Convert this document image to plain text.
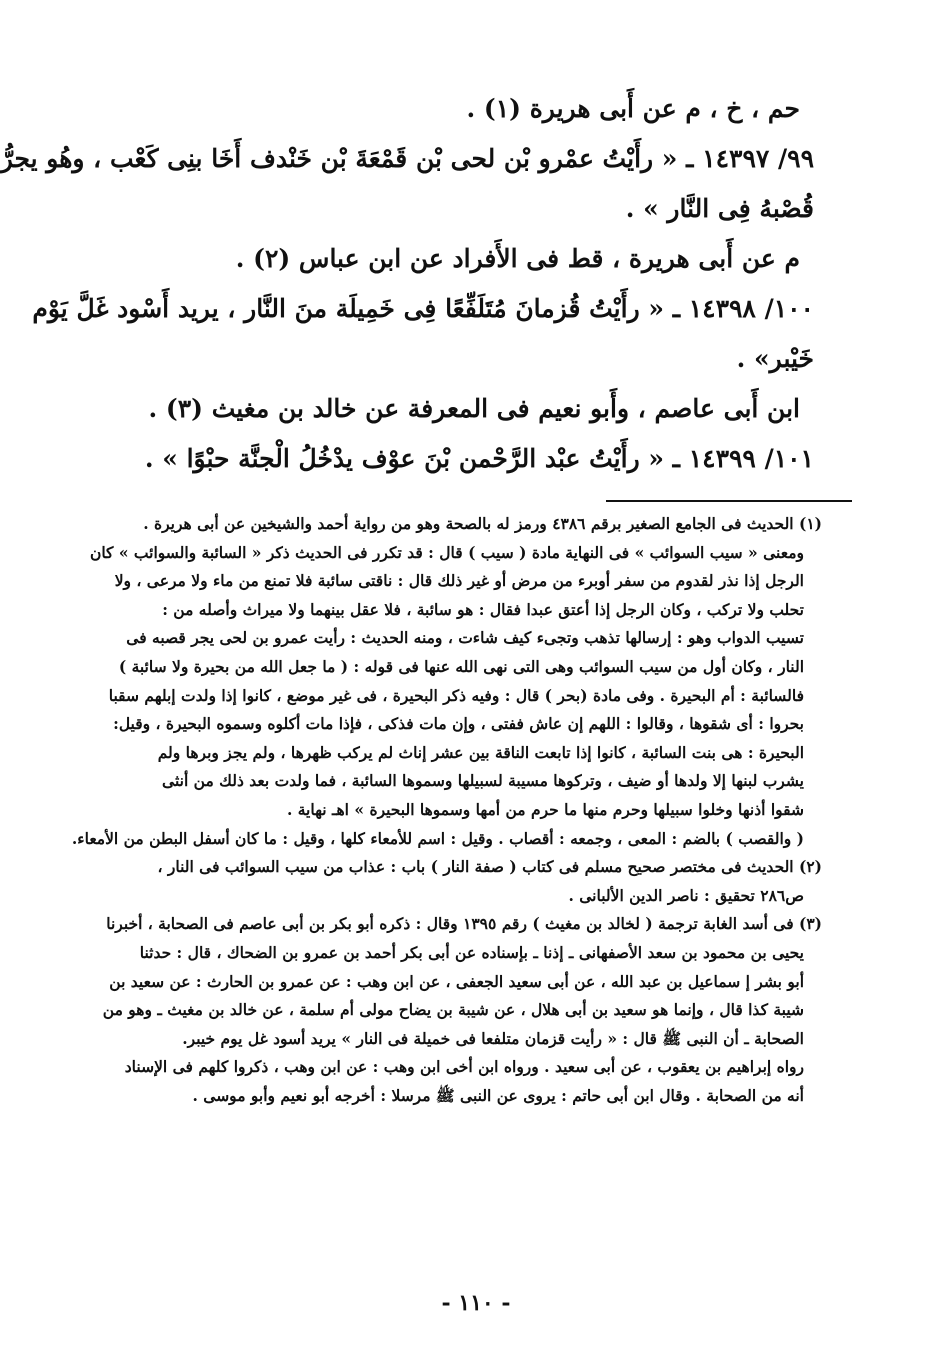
حم ، خ ، م عن أَبى هريرة (١) .

٩٩/ ١٤٣٩٧ ـ « رأَيْتُ عمْرو بْن لحى بْن قَمْعَةَ بْن خَنْدف أَخَا بنِى كَعْب ، وهُو يجرُّ

قُصْبهُ فِى النَّار » .

م عن أَبى هريرة ، قط فى الأَفراد عن ابن عباس (٢) .

١٠٠/ ١٤٣٩٨ ـ « رأَيْتُ قُزمانَ مُتَلَفِّعًا فِى خَمِيلَة منَ النَّار ، يريد أَسْود غَلَّ يَوْم

خَيْبر» .

ابن أَبى عاصم ، وأَبو نعيم فى المعرفة عن خالد بن مغيث (٣) .

١٠١/ ١٤٣٩٩ ـ « رأَيْتُ عبْد الرَّحْمن بْنَ عوْف يدْخُلُ الْجنَّة حبْوًا » .

(١) الحديث فى الجامع الصغير برقم ٤٣٨٦ ورمز له بالصحة وهو من رواية أحمد والشيخين عن أبى هريرة .

ومعنى « سيب السوائب » فى النهاية مادة ( سيب ) قال : قد تكرر فى الحديث ذكر « السائبة والسوائب » كان

الرجل إذا نذر لقدوم من سفر أوبرء من مرض أو غير ذلك قال : ناقتى سائبة فلا تمنع من ماء ولا مرعى ، ولا

تحلب ولا تركب ، وكان الرجل إذا أعتق عبدا فقال : هو سائبة ، فلا عقل بينهما ولا ميراث وأصله من :

تسيب الدواب وهو : إرسالها تذهب وتجىء كيف شاءت ، ومنه الحديث : رأيت عمرو بن لحى يجر قصبه فى

النار ، وكان أول من سيب السوائب وهى التى نهى الله عنها فى قوله : ( ما جعل الله من بحيرة ولا سائبة )

فالسائبة : أم البحيرة . وفى مادة (بحر ) قال : وفيه ذكر البحيرة ، فى غير موضع ، كانوا إذا ولدت إبلهم سقبا

بحروا : أى شقوها ، وقالوا : اللهم إن عاش ففتى ، وإن مات فذكى ، فإذا مات أكلوه وسموه البحيرة ، وقيل:

البحيرة : هى بنت السائبة ، كانوا إذا تابعت الناقة بين عشر إناث لم يركب ظهرها ، ولم يجز وبرها ولم

يشرب لبنها إلا ولدها أو ضيف ، وتركوها مسيبة لسبيلها وسموها السائبة ، فما ولدت بعد ذلك من أنثى

شقوا أذنها وخلوا سبيلها وحرم منها ما حرم من أمها وسموها البحيرة » اهـ نهاية .

( والقصب ) بالضم : المعى ، وجمعه : أقصاب . وقيل : اسم للأمعاء كلها ، وقيل : ما كان أسفل البطن من الأمعاء.

(٢) الحديث فى مختصر صحيح مسلم فى كتاب ( صفة النار ) باب : عذاب من سيب السوائب فى النار ،

ص٢٨٦ تحقيق : ناصر الدين الألبانى .

(٣) فى أسد الغابة ترجمة ( لخالد بن مغيث ) رقم ١٣٩٥ وقال : ذكره أبو بكر بن أبى عاصم فى الصحابة ، أخبرنا

يحيى بن محمود بن سعد الأصفهانى ـ إذنا ـ بإسناده عن أبى بكر أحمد بن عمرو بن الضحاك ، قال : حدثنا

أبو بشر إ سماعيل بن عبد الله ، عن أبى سعيد الجعفى ، عن ابن وهب : عن عمرو بن الحارث : عن سعيد بن

شيبة كذا قال ، وإنما هو سعيد بن أبى هلال ، عن شيبة بن يضاح مولى أم سلمة ، عن خالد بن مغيث ـ وهو من

الصحابة ـ أن النبى ﷺ قال : « رأيت قزمان متلفعا فى خميلة فى النار » يريد أسود غل يوم خيبر.

رواه إبراهيم بن يعقوب ، عن أبى سعيد . ورواه ابن أخى ابن وهب : عن ابن وهب ، ذكروا كلهم فى الإسناد

أنه من الصحابة . وقال ابن أبى حاتم : يروى عن النبى ﷺ مرسلا : أخرجه أبو نعيم وأبو موسى .

- ١١٠ -
